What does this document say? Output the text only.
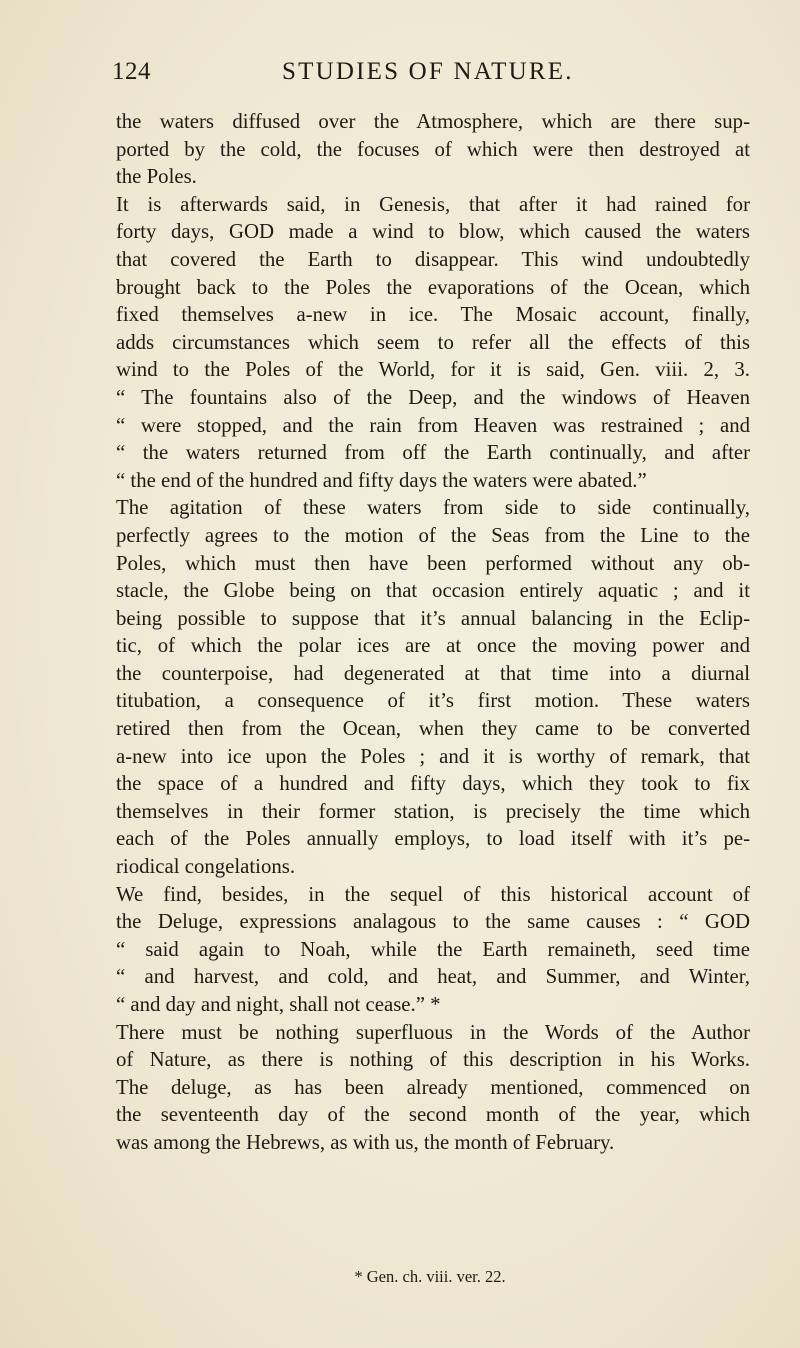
124	STUDIES OF NATURE.
the waters diffused over the Atmosphere, which are there sup-
ported by the cold, the focuses of which were then destroyed at
the Poles.
It is afterwards said, in Genesis, that after it had rained for
forty days, GOD made a wind to blow, which caused the waters
that covered the Earth to disappear. This wind undoubtedly
brought back to the Poles the evaporations of the Ocean, which
fixed themselves a-new in ice. The Mosaic account, finally,
adds circumstances which seem to refer all the effects of this
wind to the Poles of the World, for it is said, Gen. viii. 2, 3.
“ The fountains also of the Deep, and the windows of Heaven
“ were stopped, and the rain from Heaven was restrained ; and
“ the waters returned from off the Earth continually, and after
“ the end of the hundred and fifty days the waters were abated.”
The agitation of these waters from side to side continually,
perfectly agrees to the motion of the Seas from the Line to the
Poles, which must then have been performed without any ob-
stacle, the Globe being on that occasion entirely aquatic ; and it
being possible to suppose that it’s annual balancing in the Eclip-
tic, of which the polar ices are at once the moving power and
the counterpoise, had degenerated at that time into a diurnal
titubation, a consequence of it’s first motion. These waters
retired then from the Ocean, when they came to be converted
a-new into ice upon the Poles ; and it is worthy of remark, that
the space of a hundred and fifty days, which they took to fix
themselves in their former station, is precisely the time which
each of the Poles annually employs, to load itself with it’s pe-
riodical congelations.
We find, besides, in the sequel of this historical account of
the Deluge, expressions analagous to the same causes : “ GOD
“ said again to Noah, while the Earth remaineth, seed time
“ and harvest, and cold, and heat, and Summer, and Winter,
“ and day and night, shall not cease.” *
There must be nothing superfluous in the Words of the Author
of Nature, as there is nothing of this description in his Works.
The deluge, as has been already mentioned, commenced on
the seventeenth day of the second month of the year, which
was among the Hebrews, as with us, the month of February.
* Gen. ch. viii. ver. 22.
